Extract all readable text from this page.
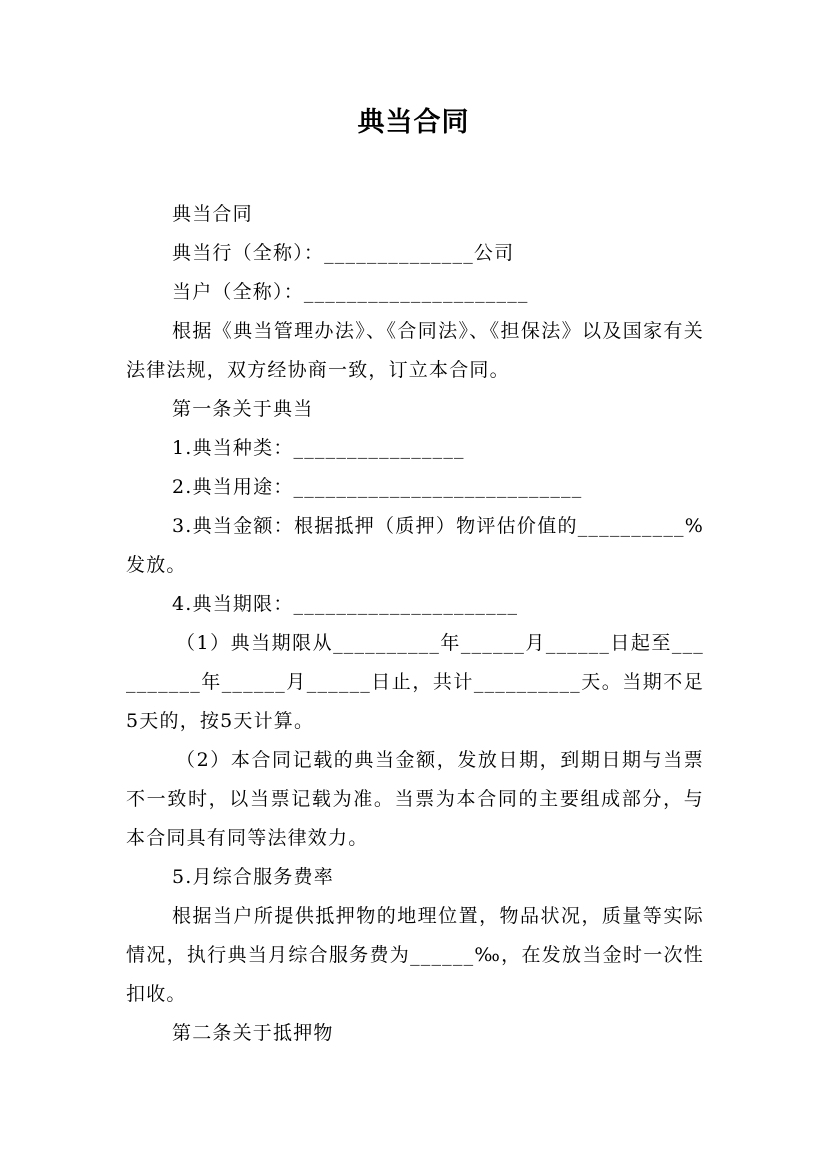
典当合同

典当合同

典当行（全称）：______________公司

当户（全称）：_____________________

根据《典当管理办法》、《合同法》、《担保法》以及国家有关法律法规，双方经协商一致，订立本合同。

第一条关于典当

1.典当种类：________________

2.典当用途：___________________________

3.典当金额：根据抵押（质押）物评估价值的__________%发放。

4.典当期限：_____________________

（1）典当期限从__________年______月______日起至__________年______月______日止，共计__________天。当期不足5天的，按5天计算。

（2）本合同记载的典当金额，发放日期，到期日期与当票不一致时，以当票记载为准。当票为本合同的主要组成部分，与本合同具有同等法律效力。

5.月综合服务费率

根据当户所提供抵押物的地理位置，物品状况，质量等实际情况，执行典当月综合服务费为______‰，在发放当金时一次性扣收。

第二条关于抵押物
